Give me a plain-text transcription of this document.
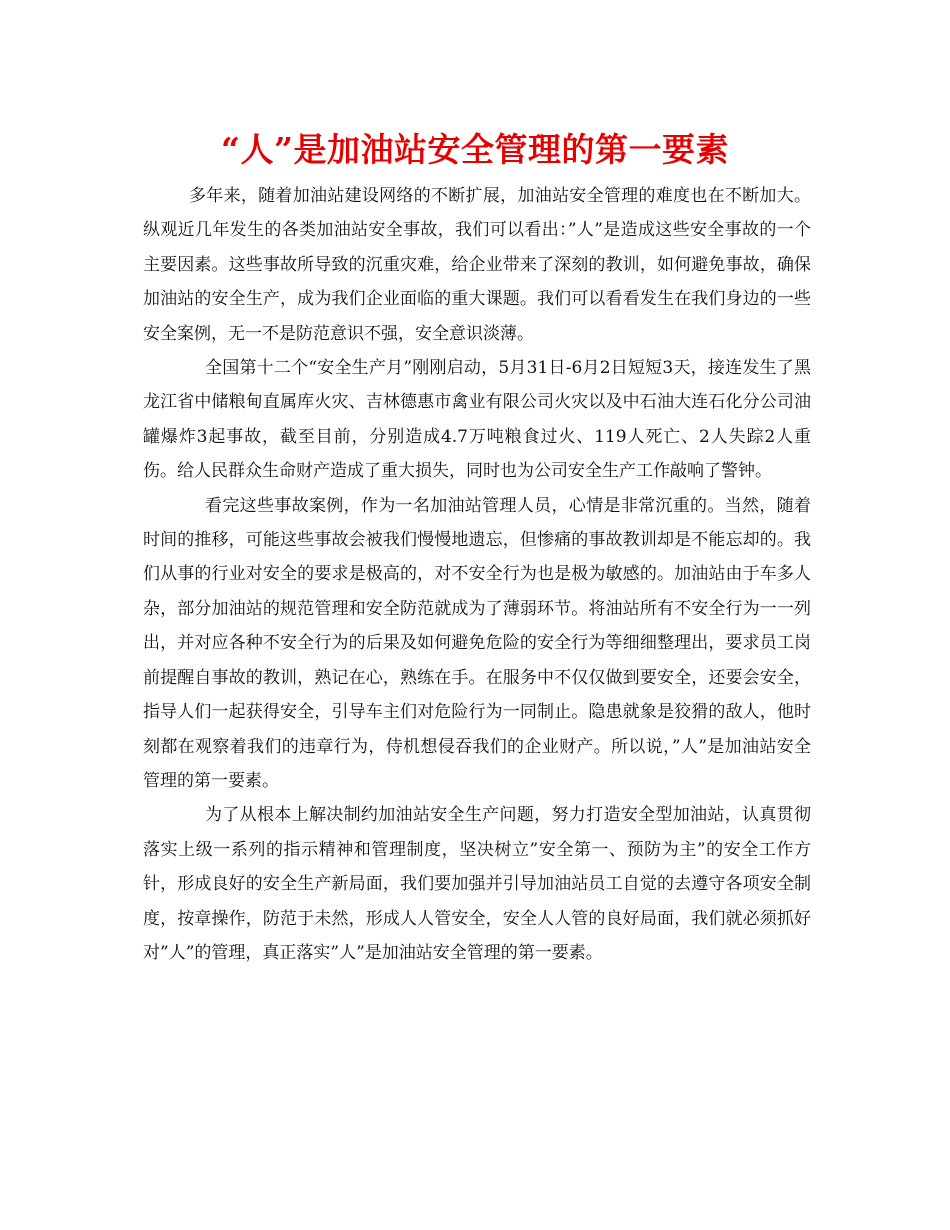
“人”是加油站安全管理的第一要素

多年来，随着加油站建设网络的不断扩展，加油站安全管理的难度也在不断加大。纵观近几年发生的各类加油站安全事故，我们可以看出：”人”是造成这些安全事故的一个主要因素。这些事故所导致的沉重灾难，给企业带来了深刻的教训，如何避免事故，确保加油站的安全生产，成为我们企业面临的重大课题。我们可以看看发生在我们身边的一些安全案例，无一不是防范意识不强，安全意识淡薄。

全国第十二个“安全生产月”刚刚启动，5月31日-6月2日短短3天，接连发生了黑龙江省中储粮甸直属库火灾、吉林德惠市禽业有限公司火灾以及中石油大连石化分公司油罐爆炸3起事故，截至目前，分别造成4.7万吨粮食过火、119人死亡、2人失踪2人重伤。给人民群众生命财产造成了重大损失，同时也为公司安全生产工作敲响了警钟。

看完这些事故案例，作为一名加油站管理人员，心情是非常沉重的。当然，随着时间的推移，可能这些事故会被我们慢慢地遗忘，但惨痛的事故教训却是不能忘却的。我们从事的行业对安全的要求是极高的，对不安全行为也是极为敏感的。加油站由于车多人杂，部分加油站的规范管理和安全防范就成为了薄弱环节。将油站所有不安全行为一一列出，并对应各种不安全行为的后果及如何避免危险的安全行为等细细整理出，要求员工岗前提醒自事故的教训，熟记在心，熟练在手。在服务中不仅仅做到要安全，还要会安全，指导人们一起获得安全，引导车主们对危险行为一同制止。隐患就象是狡猾的敌人，他时刻都在观察着我们的违章行为，侍机想侵吞我们的企业财产。所以说，”人”是加油站安全管理的第一要素。

为了从根本上解决制约加油站安全生产问题，努力打造安全型加油站，认真贯彻落实上级一系列的指示精神和管理制度，坚决树立”安全第一、预防为主”的安全工作方针，形成良好的安全生产新局面，我们要加强并引导加油站员工自觉的去遵守各项安全制度，按章操作，防范于未然，形成人人管安全，安全人人管的良好局面，我们就必须抓好对”人”的管理，真正落实”人”是加油站安全管理的第一要素。
